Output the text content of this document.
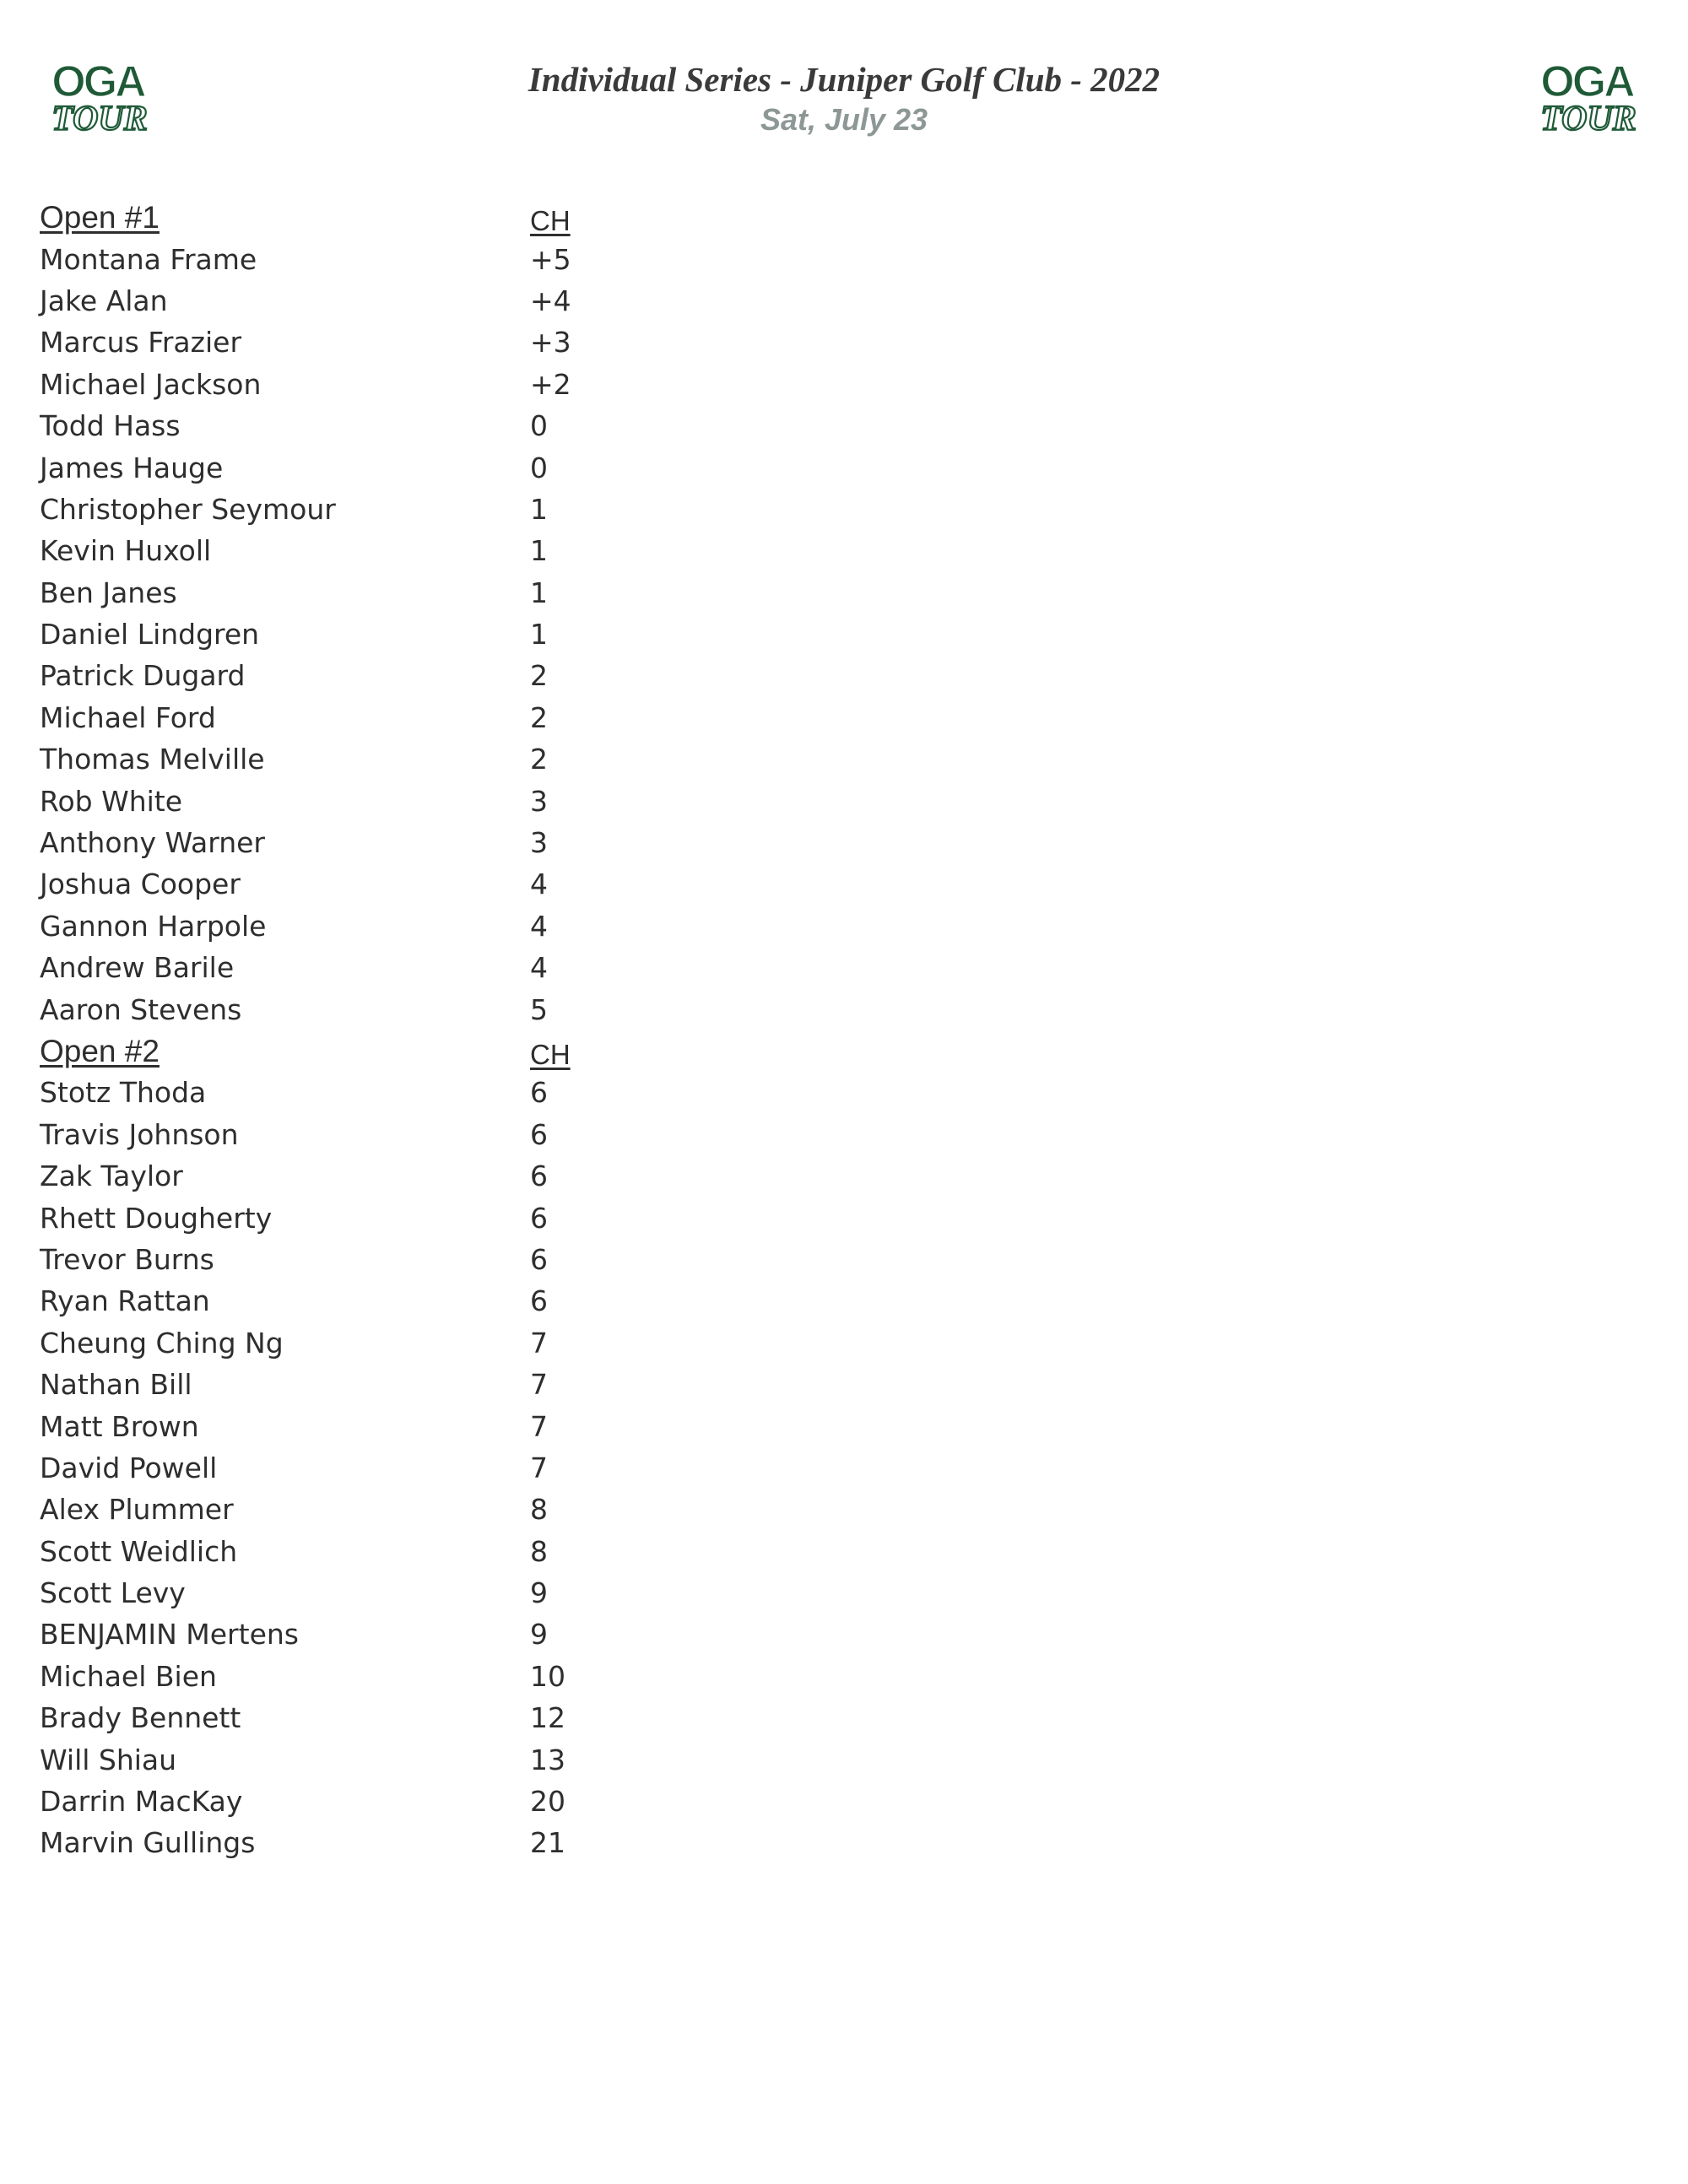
OGA
TOUR
OGA
TOUR
Individual Series - Juniper Golf Club - 2022
Sat, July 23
Open #1	CH
Montana Frame	+5
Jake Alan	+4
Marcus Frazier	+3
Michael Jackson	+2
Todd Hass	0
James Hauge	0
Christopher Seymour	1
Kevin Huxoll	1
Ben Janes	1
Daniel Lindgren	1
Patrick Dugard	2
Michael Ford	2
Thomas Melville	2
Rob White	3
Anthony Warner	3
Joshua Cooper	4
Gannon Harpole	4
Andrew Barile	4
Aaron Stevens	5
Open #2	CH
Stotz Thoda	6
Travis Johnson	6
Zak Taylor	6
Rhett Dougherty	6
Trevor Burns	6
Ryan Rattan	6
Cheung Ching Ng	7
Nathan Bill	7
Matt Brown	7
David Powell	7
Alex Plummer	8
Scott Weidlich	8
Scott Levy	9
BENJAMIN Mertens	9
Michael Bien	10
Brady Bennett	12
Will Shiau	13
Darrin MacKay	20
Marvin Gullings	21
